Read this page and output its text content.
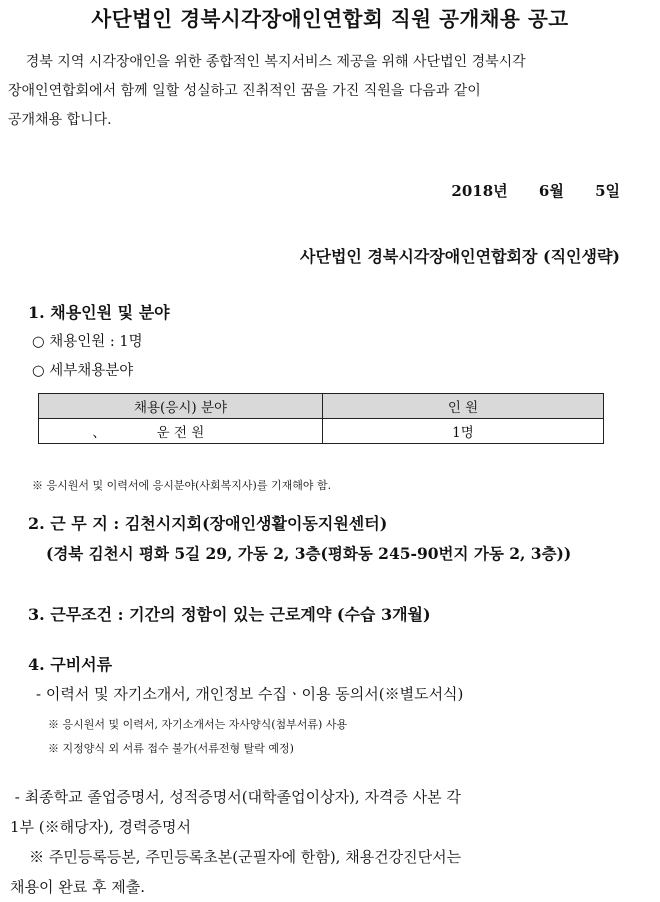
사단법인 경북시각장애인연합회 직원 공개채용 공고

경북 지역 시각장애인을 위한 종합적인 복지서비스 제공을 위해 사단법인 경북시각

장애인연합회에서 함께 일할 성실하고 진취적인 꿈을 가진 직원을 다음과 같이

공개채용 합니다.

2018년 6월 5일
사단법인 경북시각장애인연합회장 (직인생략)
1. 채용인원 및 분야
○ 채용인원 : 1명
○ 세부채용분야
채용(응시) 분야	인 원
、 운 전 원	1명
※ 응시원서 및 이력서에 응시분야(사회복지사)를 기재해야 함.
2. 근 무 지 : 김천시지회(장애인생활이동지원센터)
(경북 김천시 평화 5길 29, 가동 2, 3층(평화동 245-90번지 가동 2, 3층))
3. 근무조건 : 기간의 정함이 있는 근로계약 (수습 3개월)
4. 구비서류
- 이력서 및 자기소개서, 개인정보 수집ㆍ이용 동의서(※별도서식)
※ 응시원서 및 이력서, 자기소개서는 자사양식(첨부서류) 사용
※ 지정양식 외 서류 접수 불가(서류전형 탈락 예정)

- 최종학교 졸업증명서, 성적증명서(대학졸업이상자), 자격증 사본 각

1부 (※해당자), 경력증명서

※ 주민등록등본, 주민등록초본(군필자에 한함), 채용건강진단서는

채용이 완료 후 제출.
